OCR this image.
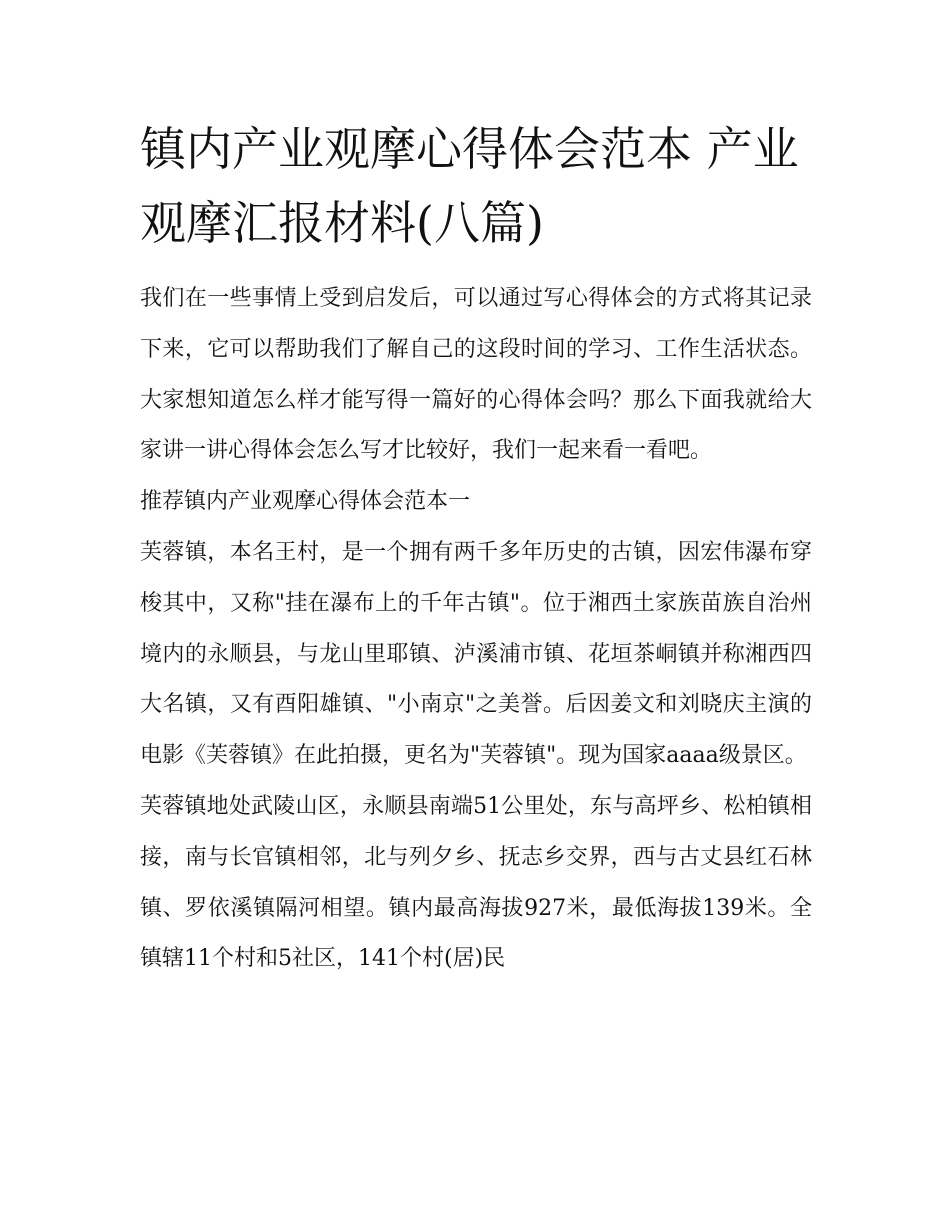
镇内产业观摩心得体会范本 产业观摩汇报材料(八篇)

我们在一些事情上受到启发后，可以通过写心得体会的方式将其记录下来，它可以帮助我们了解自己的这段时间的学习、工作生活状态。大家想知道怎么样才能写得一篇好的心得体会吗？那么下面我就给大家讲一讲心得体会怎么写才比较好，我们一起来看一看吧。

推荐镇内产业观摩心得体会范本一

芙蓉镇，本名王村，是一个拥有两千多年历史的古镇，因宏伟瀑布穿梭其中，又称"挂在瀑布上的千年古镇"。位于湘西土家族苗族自治州境内的永顺县，与龙山里耶镇、泸溪浦市镇、花垣茶峒镇并称湘西四大名镇，又有酉阳雄镇、"小南京"之美誉。后因姜文和刘晓庆主演的电影《芙蓉镇》在此拍摄，更名为"芙蓉镇"。现为国家aaaa级景区。

芙蓉镇地处武陵山区，永顺县南端51公里处，东与高坪乡、松柏镇相接，南与长官镇相邻，北与列夕乡、抚志乡交界，西与古丈县红石林镇、罗依溪镇隔河相望。镇内最高海拔927米，最低海拔139米。全镇辖11个村和5社区，141个村(居)民
